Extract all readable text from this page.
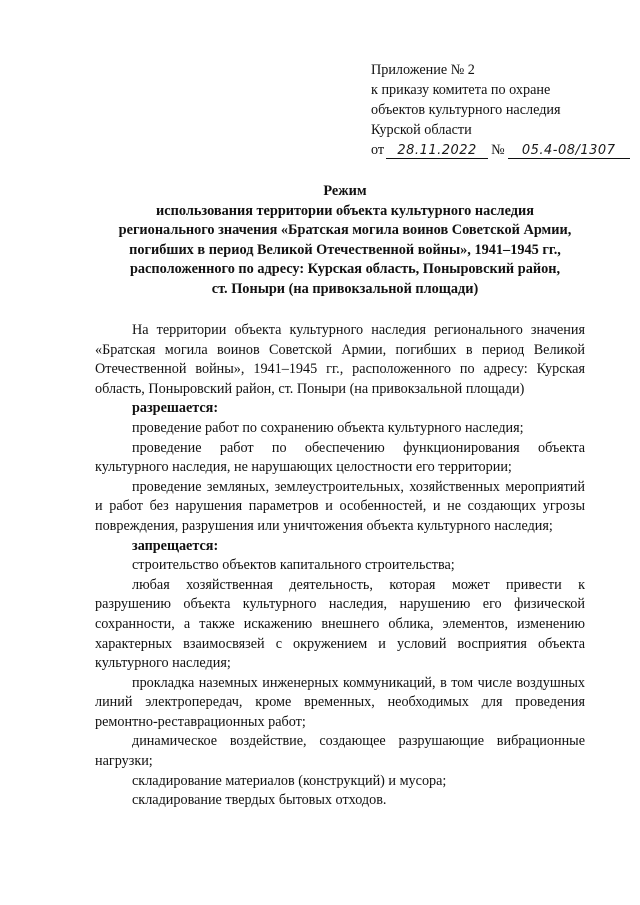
Приложение № 2
к приказу комитета по охране
объектов культурного наследия
Курской области
от	28.11.2022	№	05.4-08/1307
Режим
использования территории объекта культурного наследия
регионального значения «Братская могила воинов Советской Армии,
погибших в период Великой Отечественной войны», 1941–1945 гг.,
расположенного по адресу: Курская область, Поныровский район,
ст. Поныри (на привокзальной площади)

На территории объекта культурного наследия регионального значения «Братская могила воинов Советской Армии, погибших в период Великой Отечественной войны», 1941–1945 гг., расположенного по адресу: Курская область, Поныровский район, ст. Поныри (на привокзальной площади)

разрешается:

проведение работ по сохранению объекта культурного наследия;

проведение работ по обеспечению функционирования объекта культурного наследия, не нарушающих целостности его территории;

проведение земляных, землеустроительных, хозяйственных мероприятий и работ без нарушения параметров и особенностей, и не создающих угрозы повреждения, разрушения или уничтожения объекта культурного наследия;

запрещается:

строительство объектов капитального строительства;

любая хозяйственная деятельность, которая может привести к разрушению объекта культурного наследия, нарушению его физической сохранности, а также искажению внешнего облика, элементов, изменению характерных взаимосвязей с окружением и условий восприятия объекта культурного наследия;

прокладка наземных инженерных коммуникаций, в том числе воздушных линий электропередач, кроме временных, необходимых для проведения ремонтно-реставрационных работ;

динамическое воздействие, создающее разрушающие вибрационные нагрузки;

складирование материалов (конструкций) и мусора;

складирование твердых бытовых отходов.
